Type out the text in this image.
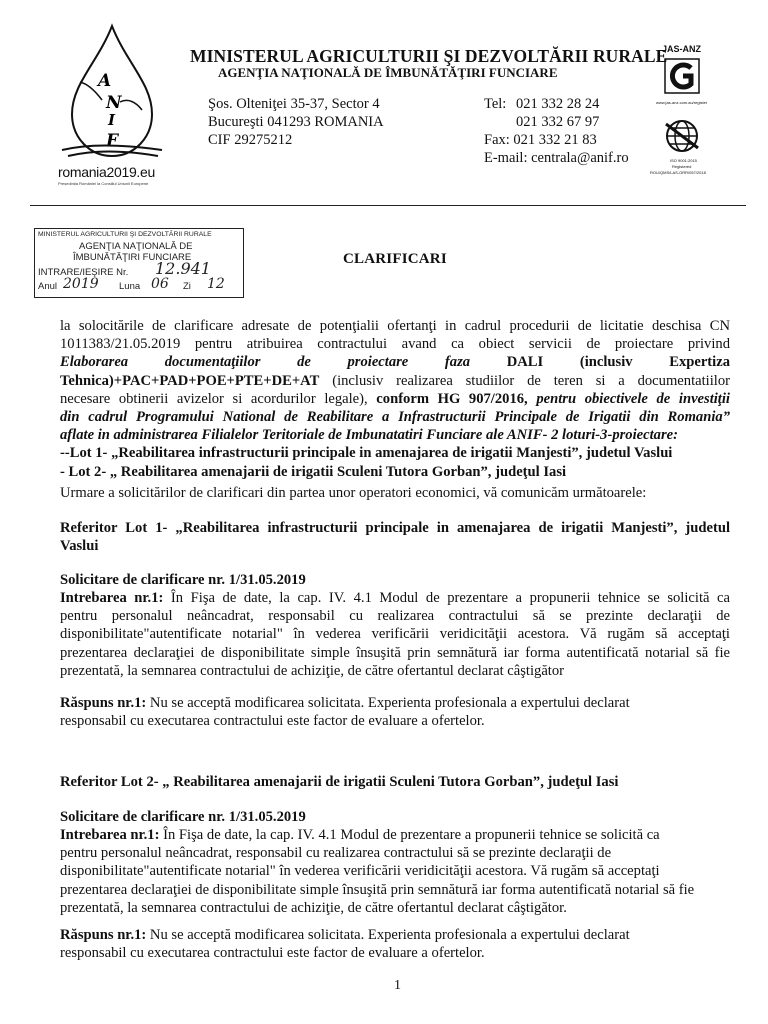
A
N
I
F
romania2019.eu
Președinția României la Consiliul Uniunii Europene
MINISTERUL AGRICULTURII ŞI DEZVOLTĂRII RURALE
AGENŢIA NAŢIONALĂ DE ÎMBUNĂTĂŢIRI FUNCIARE
Şos. Olteniţei 35-37, Sector 4
Bucureşti 041293 ROMANIA
CIF 29275212
Tel: 021 332 28 24
021 332 67 97
Fax: 021 332 21 83
E-mail: centrala@anif.ro
JAS-ANZ
www.jas-anz.com.au/register
ISO 9001:2015
Registered
ROU/QMS/LAS-ORR/057/2018
MINISTERUL AGRICULTURII ŞI DEZVOLTĂRII RURALE
AGENŢIA NAŢIONALĂ DE
ÎMBUNĂTĂŢIRI FUNCIARE
INTRARE/IEŞIRE Nr.
Anul	Luna	Zi
12.941
2019	06	12
CLARIFICARI
la solocitările de clarificare adresate de potenţialii ofertanţi in cadrul procedurii de licitatie deschisa CN
1011383/21.05.2019 pentru atribuirea contractului avand ca obiect servicii de proiectare privind
Elaborarea documentaţiilor de proiectare faza	DALI (inclusiv Expertiza
Tehnica)+PAC+PAD+POE+PTE+DE+AT (inclusiv realizarea studiilor de teren si a documentatiilor
necesare obtinerii avizelor si acordurilor legale), conform HG 907/2016, pentru obiectivele de investiţii
din cadrul Programului National de Reabilitare a Infrastructurii Principale de Irigatii din Romania”
aflate in administrarea Filialelor Teritoriale de Imbunatatiri Funciare ale ANIF- 2 loturi-3-proiectare:
--Lot 1- „Reabilitarea infrastructurii principale in amenajarea de irigatii Manjesti”, judetul Vaslui
- Lot 2- „ Reabilitarea amenajarii de irigatii Sculeni Tutora Gorban”, judeţul Iasi
Urmare a solicitărilor de clarificari din partea unor operatori economici, vă comunicăm următoarele:
Referitor Lot 1- „Reabilitarea infrastructurii principale in amenajarea de irigatii Manjesti”, judetul
Vaslui
Solicitare de clarificare nr. 1/31.05.2019
Intrebarea nr.1: În Fişa de date, la cap. IV. 4.1 Modul de prezentare a propunerii tehnice se solicită ca
pentru personalul neâncadrat, responsabil cu realizarea contractului să se prezinte declaraţii de
disponibilitate"autentificate notarial" în vederea verificării veridicităţii acestora. Vă rugăm să acceptaţi
prezentarea declaraţiei de disponibilitate simple însuşită prin semnătură iar forma autentificată notarial să fie
prezentată, la semnarea contractului de achiziţie, de către ofertantul declarat câştigător
Răspuns nr.1: Nu se acceptă modificarea solicitata. Experienta profesionala a expertului declarat
responsabil cu executarea contractului este factor de evaluare a ofertelor.
Referitor Lot 2- „ Reabilitarea amenajarii de irigatii Sculeni Tutora Gorban”, judeţul Iasi
Solicitare de clarificare nr. 1/31.05.2019
Intrebarea nr.1: În Fişa de date, la cap. IV. 4.1 Modul de prezentare a propunerii tehnice se solicită ca
pentru personalul neâncadrat, responsabil cu realizarea contractului să se prezinte declaraţii de
disponibilitate"autentificate notarial" în vederea verificării veridicităţii acestora. Vă rugăm să acceptaţi
prezentarea declaraţiei de disponibilitate simple însuşită prin semnătură iar forma autentificată notarial să fie
prezentată, la semnarea contractului de achiziţie, de către ofertantul declarat câştigător.
Răspuns nr.1: Nu se acceptă modificarea solicitata. Experienta profesionala a expertului declarat
responsabil cu executarea contractului este factor de evaluare a ofertelor.
1
